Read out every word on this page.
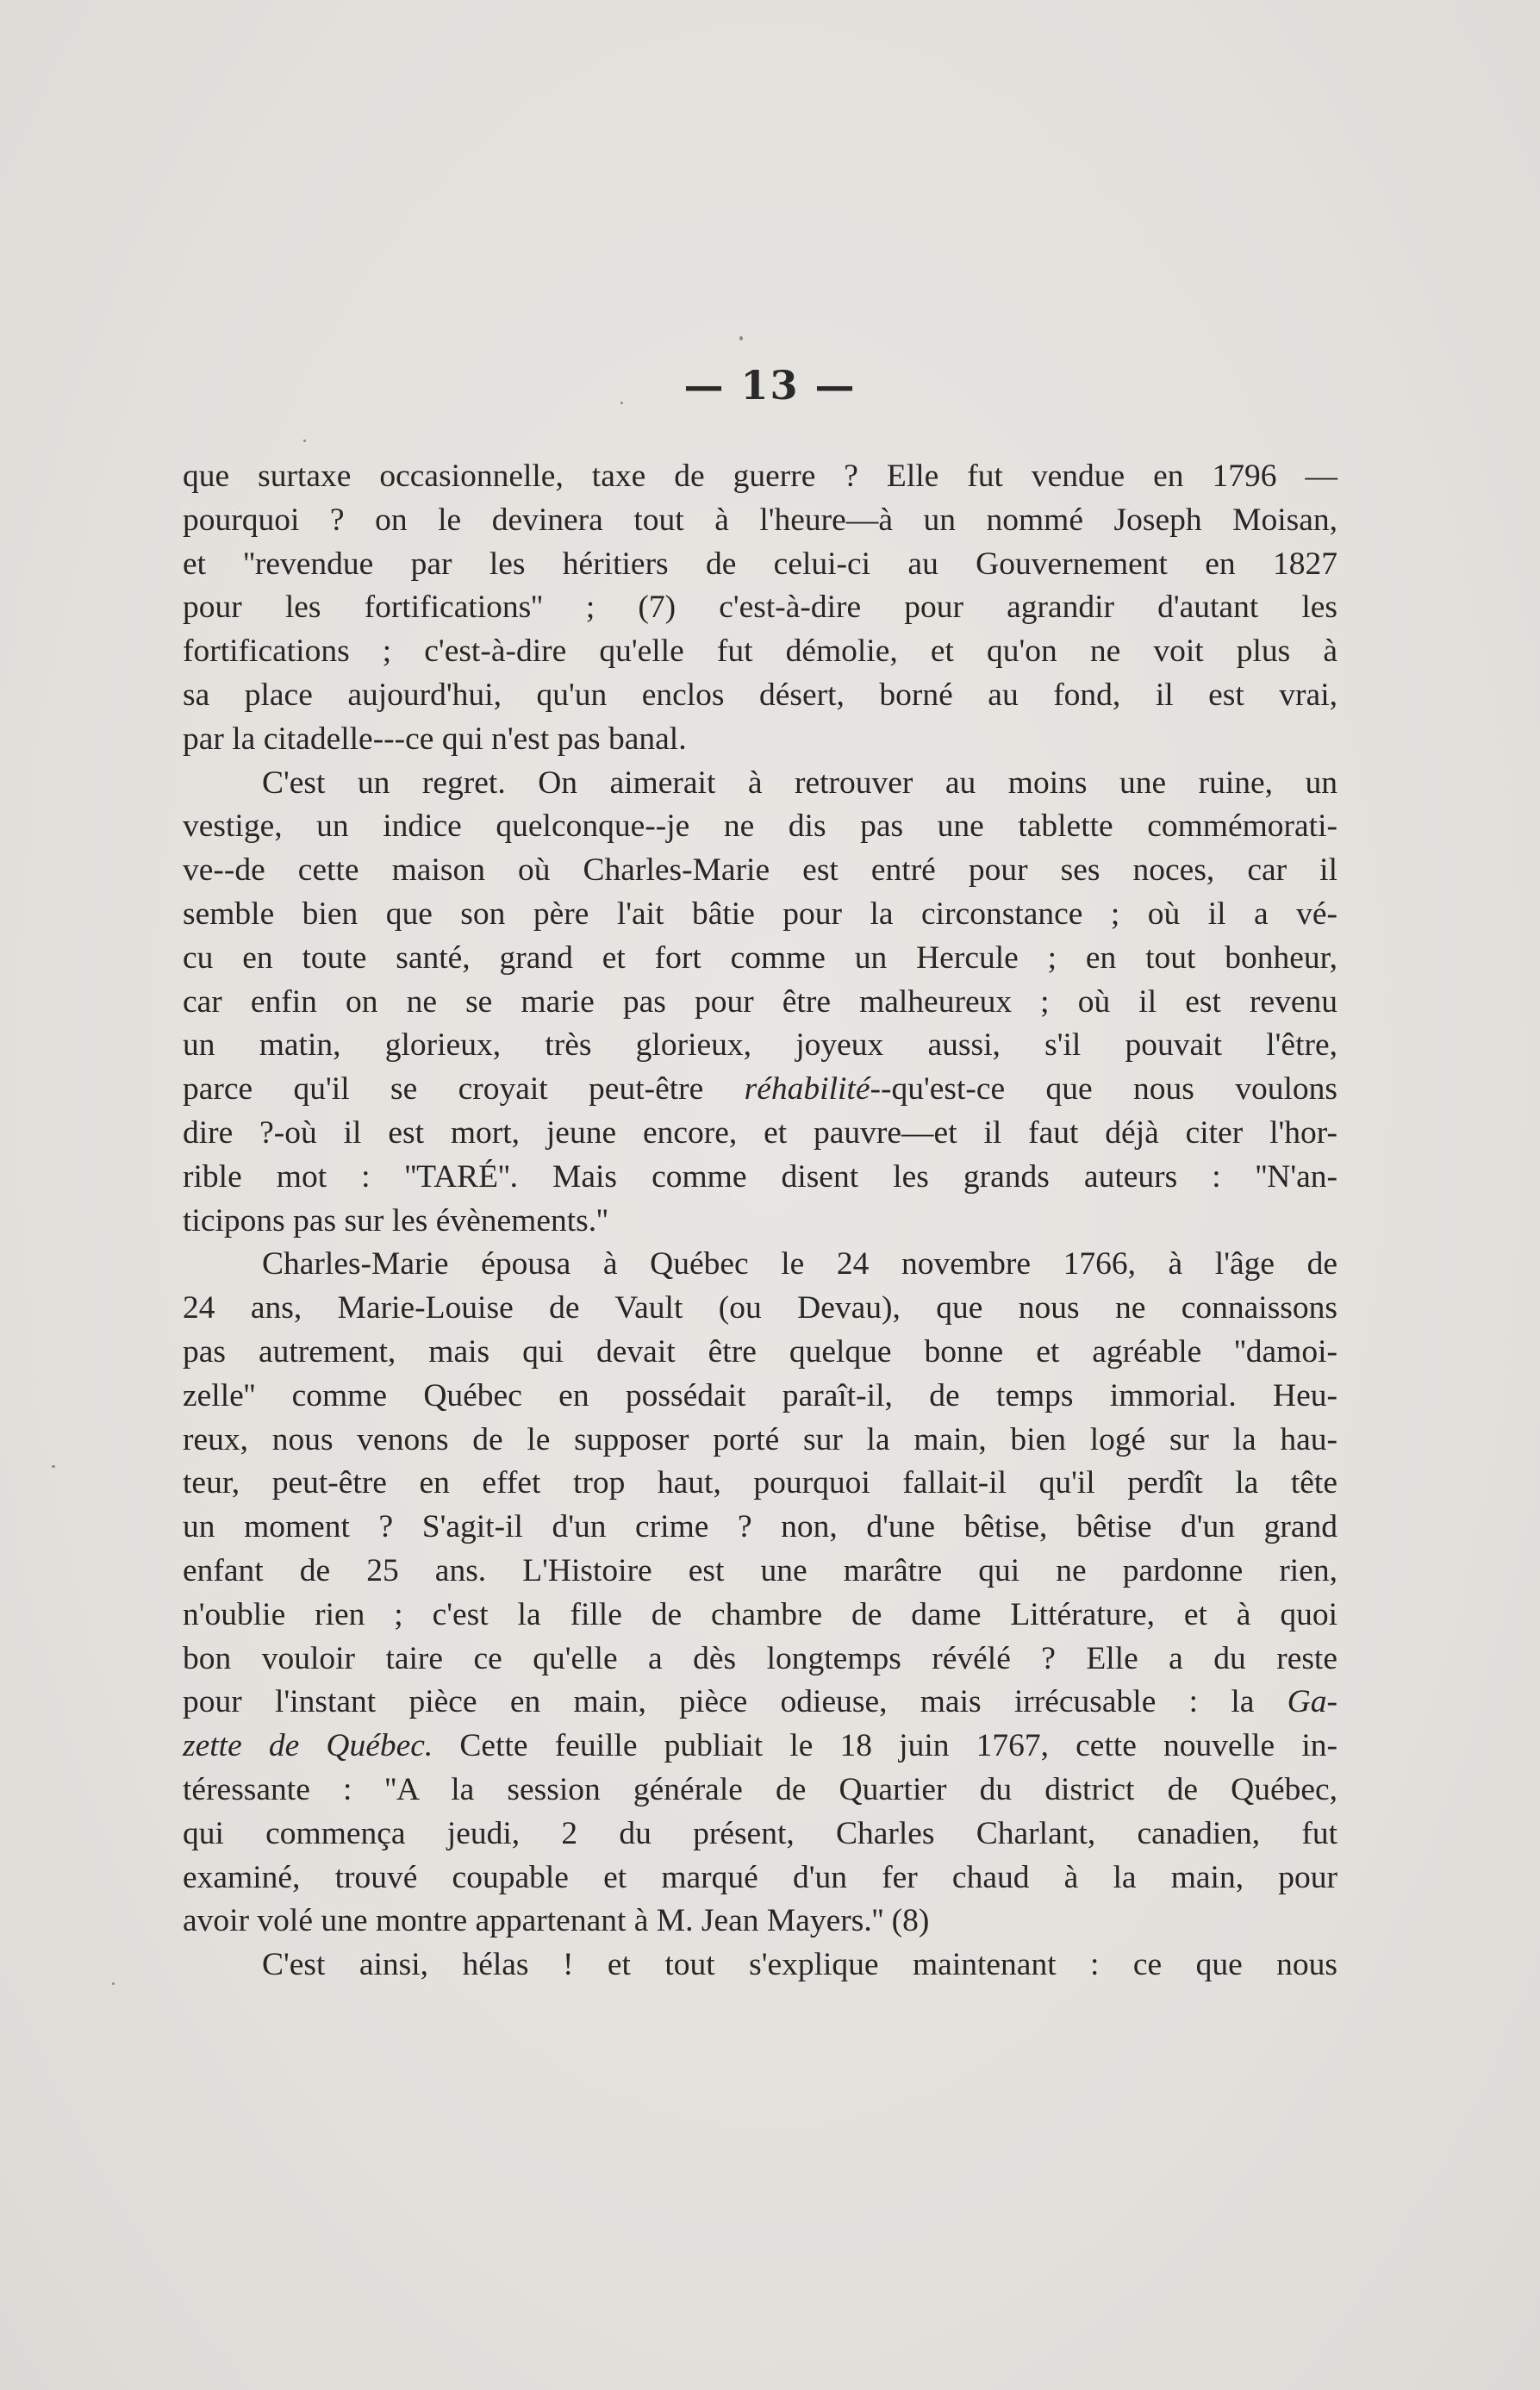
— 13 —
que surtaxe occasionnelle, taxe de guerre ? Elle fut vendue en 1796 —
pourquoi ? on le devinera tout à l'heure—à un nommé Joseph Moisan,
et ''revendue par les héritiers de celui-ci au Gouvernement en 1827
pour les fortifications'' ; (7) c'est-à-dire pour agrandir d'autant les
fortifications ; c'est-à-dire qu'elle fut démolie, et qu'on ne voit plus à
sa place aujourd'hui, qu'un enclos désert, borné au fond, il est vrai,
par la citadelle---ce qui n'est pas banal.
C'est un regret. On aimerait à retrouver au moins une ruine, un
vestige, un indice quelconque--je ne dis pas une tablette commémorati-
ve--de cette maison où Charles-Marie est entré pour ses noces, car il
semble bien que son père l'ait bâtie pour la circonstance ; où il a vé-
cu en toute santé, grand et fort comme un Hercule ; en tout bonheur,
car enfin on ne se marie pas pour être malheureux ; où il est revenu
un matin, glorieux, très glorieux, joyeux aussi, s'il pouvait l'être,
parce qu'il se croyait peut-être réhabilité--qu'est-ce que nous voulons
dire ?-où il est mort, jeune encore, et pauvre—et il faut déjà citer l'hor-
rible mot : ''TARÉ''. Mais comme disent les grands auteurs : ''N'an-
ticipons pas sur les évènements.''
Charles-Marie épousa à Québec le 24 novembre 1766, à l'âge de
24 ans, Marie-Louise de Vault (ou Devau), que nous ne connaissons
pas autrement, mais qui devait être quelque bonne et agréable ''damoi-
zelle'' comme Québec en possédait paraît-il, de temps immorial. Heu-
reux, nous venons de le supposer porté sur la main, bien logé sur la hau-
teur, peut-être en effet trop haut, pourquoi fallait-il qu'il perdît la tête
un moment ? S'agit-il d'un crime ? non, d'une bêtise, bêtise d'un grand
enfant de 25 ans. L'Histoire est une marâtre qui ne pardonne rien,
n'oublie rien ; c'est la fille de chambre de dame Littérature, et à quoi
bon vouloir taire ce qu'elle a dès longtemps révélé ? Elle a du reste
pour l'instant pièce en main, pièce odieuse, mais irrécusable : la Ga-
zette de Québec. Cette feuille publiait le 18 juin 1767, cette nouvelle in-
téressante : ''A la session générale de Quartier du district de Québec,
qui commença jeudi, 2 du présent, Charles Charlant, canadien, fut
examiné, trouvé coupable et marqué d'un fer chaud à la main, pour
avoir volé une montre appartenant à M. Jean Mayers.'' (8)
C'est ainsi, hélas ! et tout s'explique maintenant : ce que nous
